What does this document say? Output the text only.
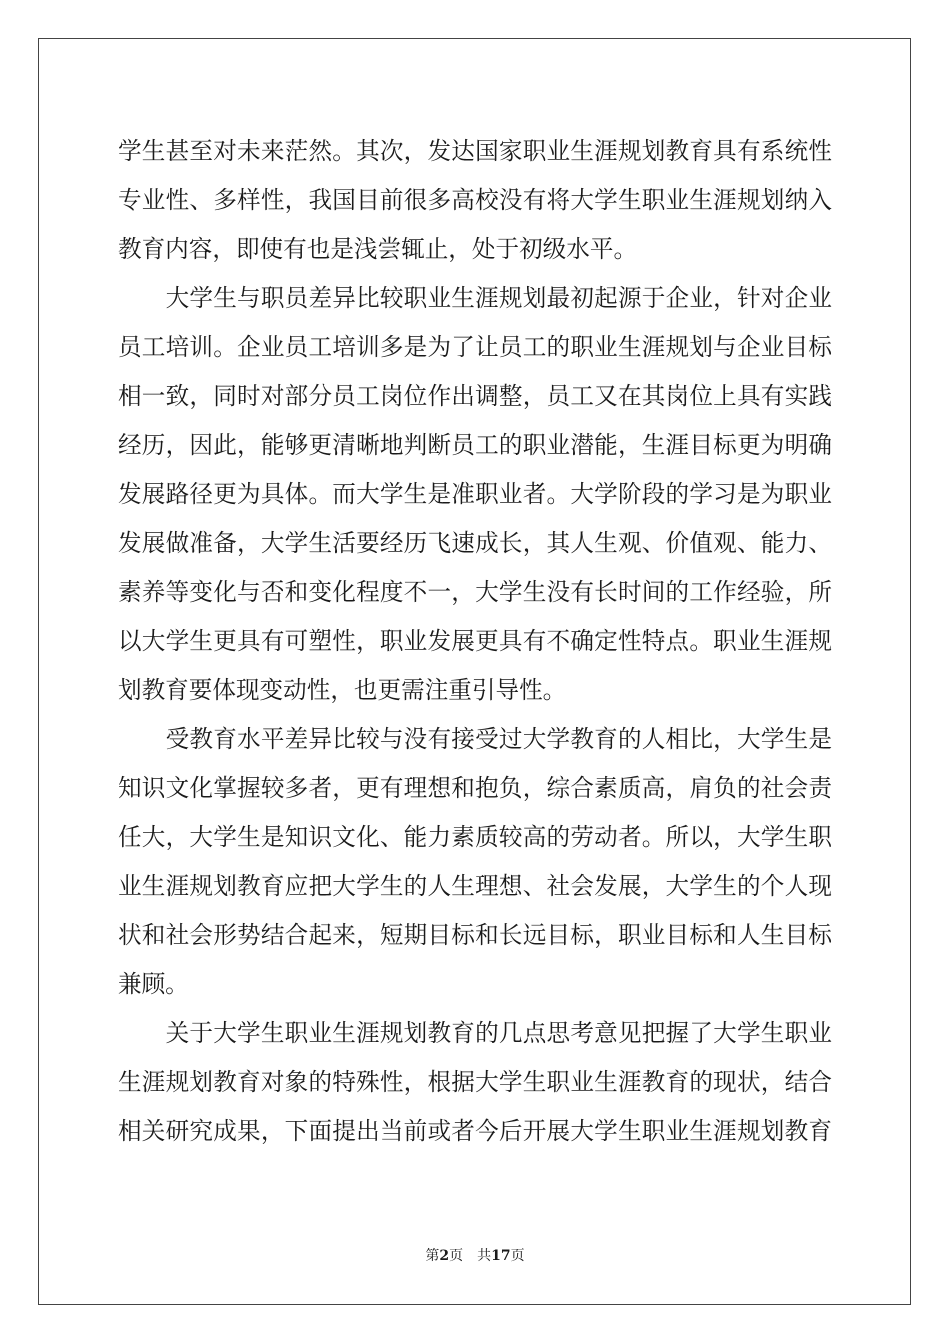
学生甚至对未来茫然。其次，发达国家职业生涯规划教育具有系统性
专业性、多样性，我国目前很多高校没有将大学生职业生涯规划纳入
教育内容，即使有也是浅尝辄止，处于初级水平。
　　大学生与职员差异比较职业生涯规划最初起源于企业，针对企业
员工培训。企业员工培训多是为了让员工的职业生涯规划与企业目标
相一致，同时对部分员工岗位作出调整，员工又在其岗位上具有实践
经历，因此，能够更清晰地判断员工的职业潜能，生涯目标更为明确
发展路径更为具体。而大学生是准职业者。大学阶段的学习是为职业
发展做准备，大学生活要经历飞速成长，其人生观、价值观、能力、
素养等变化与否和变化程度不一，大学生没有长时间的工作经验，所
以大学生更具有可塑性，职业发展更具有不确定性特点。职业生涯规
划教育要体现变动性，也更需注重引导性。
　　受教育水平差异比较与没有接受过大学教育的人相比，大学生是
知识文化掌握较多者，更有理想和抱负，综合素质高，肩负的社会责
任大，大学生是知识文化、能力素质较高的劳动者。所以，大学生职
业生涯规划教育应把大学生的人生理想、社会发展，大学生的个人现
状和社会形势结合起来，短期目标和长远目标，职业目标和人生目标
兼顾。
　　关于大学生职业生涯规划教育的几点思考意见把握了大学生职业
生涯规划教育对象的特殊性，根据大学生职业生涯教育的现状，结合
相关研究成果，下面提出当前或者今后开展大学生职业生涯规划教育
第2页 共17页
